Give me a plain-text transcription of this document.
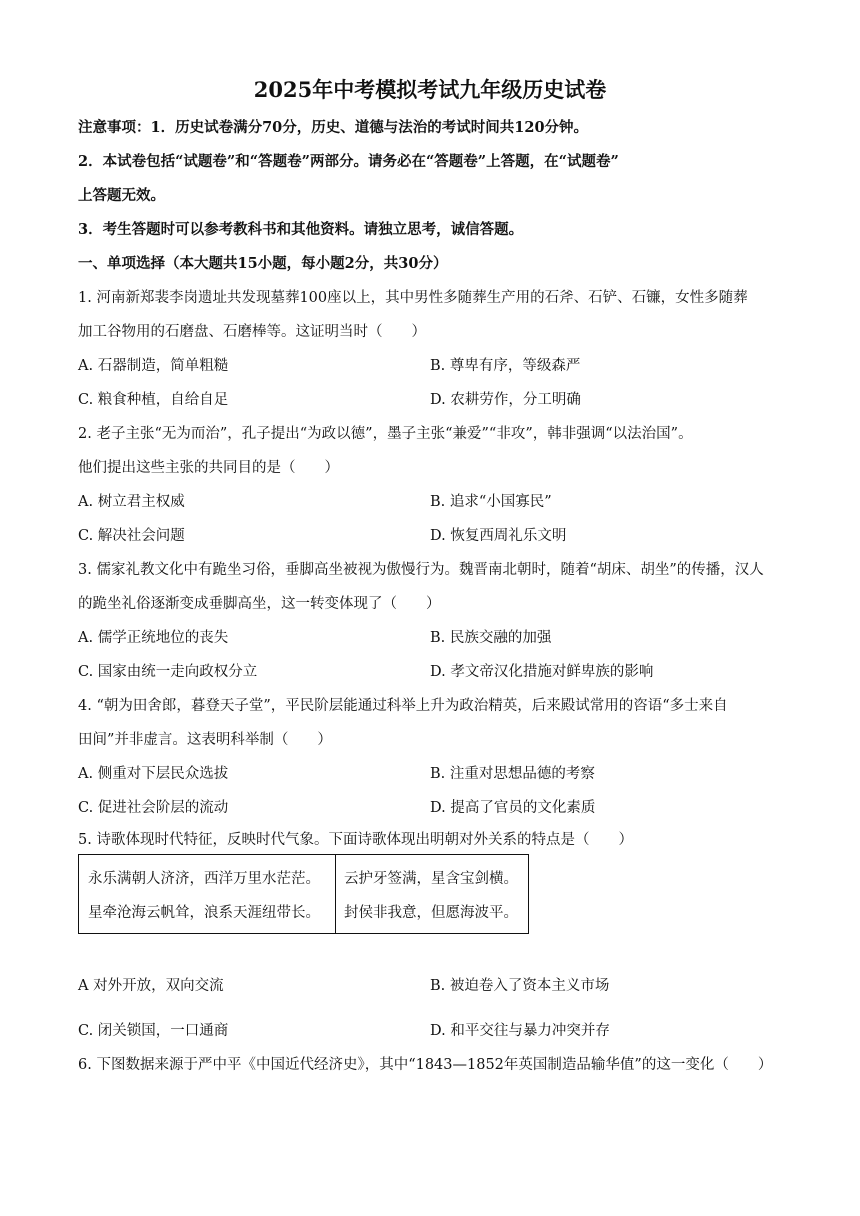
2025年中考模拟考试九年级历史试卷
注意事项：1．历史试卷满分70分，历史、道德与法治的考试时间共120分钟。
2．本试卷包括“试题卷”和“答题卷”两部分。请务必在“答题卷”上答题，在“试题卷”
上答题无效。
3．考生答题时可以参考教科书和其他资料。请独立思考，诚信答题。
一、单项选择（本大题共15小题，每小题2分，共30分）
1. 河南新郑裴李岗遗址共发现墓葬100座以上，其中男性多随葬生产用的石斧、石铲、石镰，女性多随葬
加工谷物用的石磨盘、石磨棒等。这证明当时（　　）
A. 石器制造，简单粗糙	B. 尊卑有序，等级森严
C. 粮食种植，自给自足	D. 农耕劳作，分工明确
2. 老子主张“无为而治”，孔子提出“为政以德”，墨子主张“兼爱”“非攻”，韩非强调“以法治国”。
他们提出这些主张的共同目的是（　　）
A. 树立君主权威	B. 追求“小国寡民”
C. 解决社会问题	D. 恢复西周礼乐文明
3. 儒家礼教文化中有跪坐习俗，垂脚高坐被视为傲慢行为。魏晋南北朝时，随着“胡床、胡坐”的传播，汉人
的跪坐礼俗逐渐变成垂脚高坐，这一转变体现了（　　）
A. 儒学正统地位的丧失	B. 民族交融的加强
C. 国家由统一走向政权分立	D. 孝文帝汉化措施对鲜卑族的影响
4. “朝为田舍郎，暮登天子堂”，平民阶层能通过科举上升为政治精英，后来殿试常用的咨语“多士来自
田间”并非虚言。这表明科举制（　　）
A. 侧重对下层民众选拔	B. 注重对思想品德的考察
C. 促进社会阶层的流动	D. 提高了官员的文化素质
5. 诗歌体现时代特征，反映时代气象。下面诗歌体现出明朝对外关系的特点是（　　）
永乐满朝人济济，西洋万里水茫茫。
星牵沧海云帆耸，浪系天涯纽带长。
云护牙签满，星含宝剑横。
封侯非我意，但愿海波平。
A 对外开放，双向交流	B. 被迫卷入了资本主义市场
C. 闭关锁国，一口通商	D. 和平交往与暴力冲突并存
6. 下图数据来源于严中平《中国近代经济史》，其中“1843—1852年英国制造品输华值”的这一变化（　　）
